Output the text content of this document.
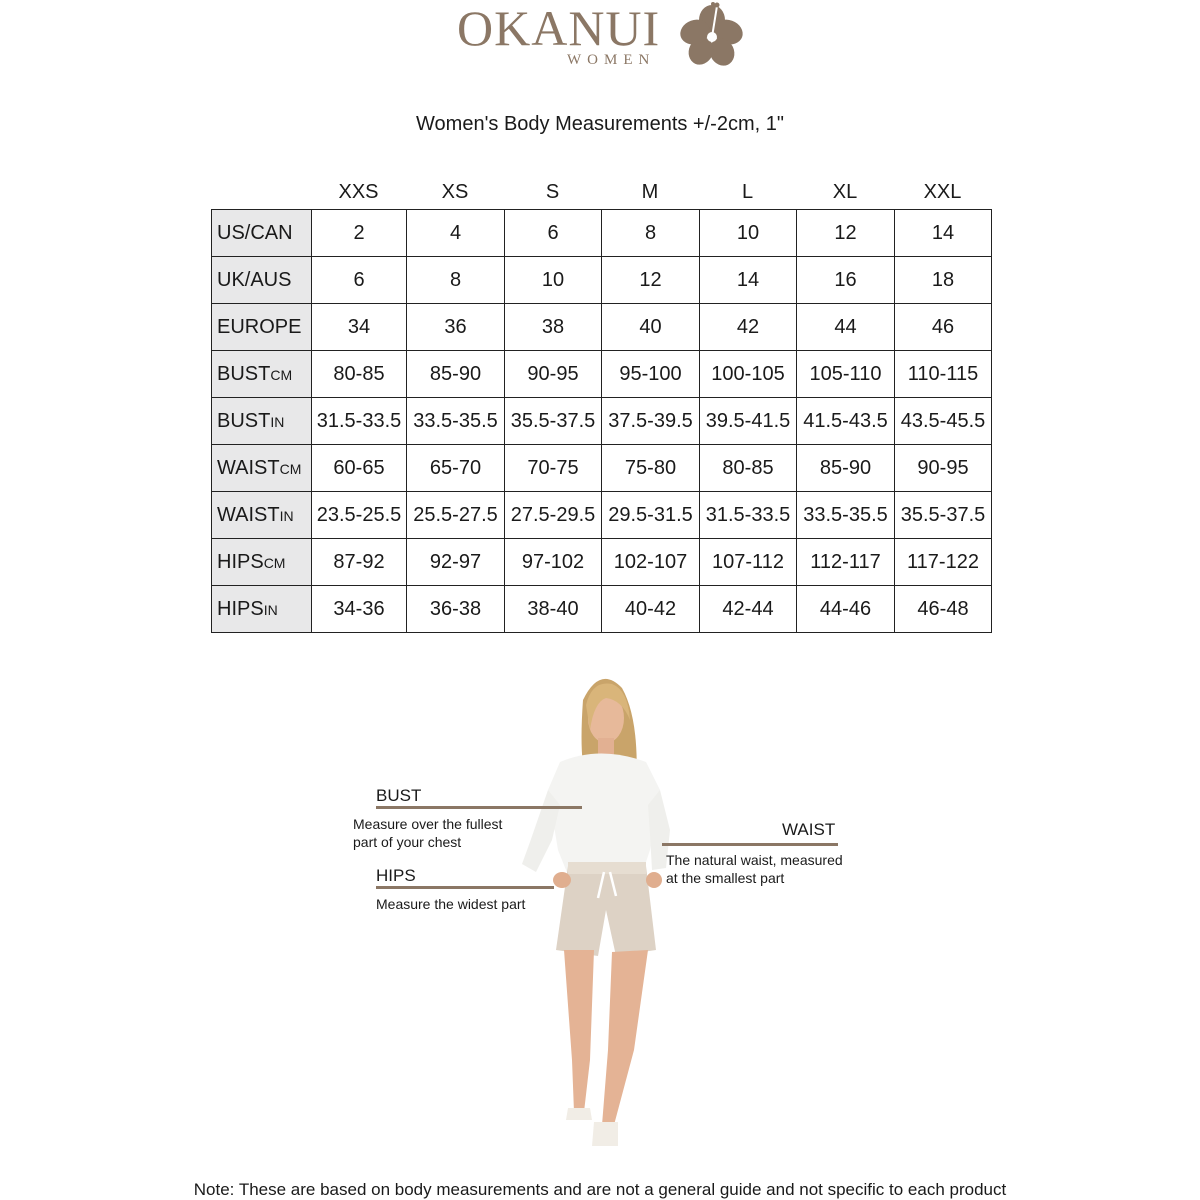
OKANUI
WOMEN
Women's Body Measurements +/-2cm, 1"
XXS	XS	S	M	L	XL	XXL
US/CAN	2	4	6	8	10	12	14
UK/AUS	6	8	10	12	14	16	18
EUROPE	34	36	38	40	42	44	46
BUSTCM	80-85	85-90	90-95	95-100	100-105	105-110	110-115
BUSTIN	31.5-33.5	33.5-35.5	35.5-37.5	37.5-39.5	39.5-41.5	41.5-43.5	43.5-45.5
WAISTCM	60-65	65-70	70-75	75-80	80-85	85-90	90-95
WAISTIN	23.5-25.5	25.5-27.5	27.5-29.5	29.5-31.5	31.5-33.5	33.5-35.5	35.5-37.5
HIPSCM	87-92	92-97	97-102	102-107	107-112	112-117	117-122
HIPSIN	34-36	36-38	38-40	40-42	42-44	44-46	46-48
BUST
Measure over the fullest
part of your chest
HIPS
Measure the widest part
WAIST
The natural waist, measured
at the smallest part
Note: These are based on body measurements and are not a general guide and not specific to each product
